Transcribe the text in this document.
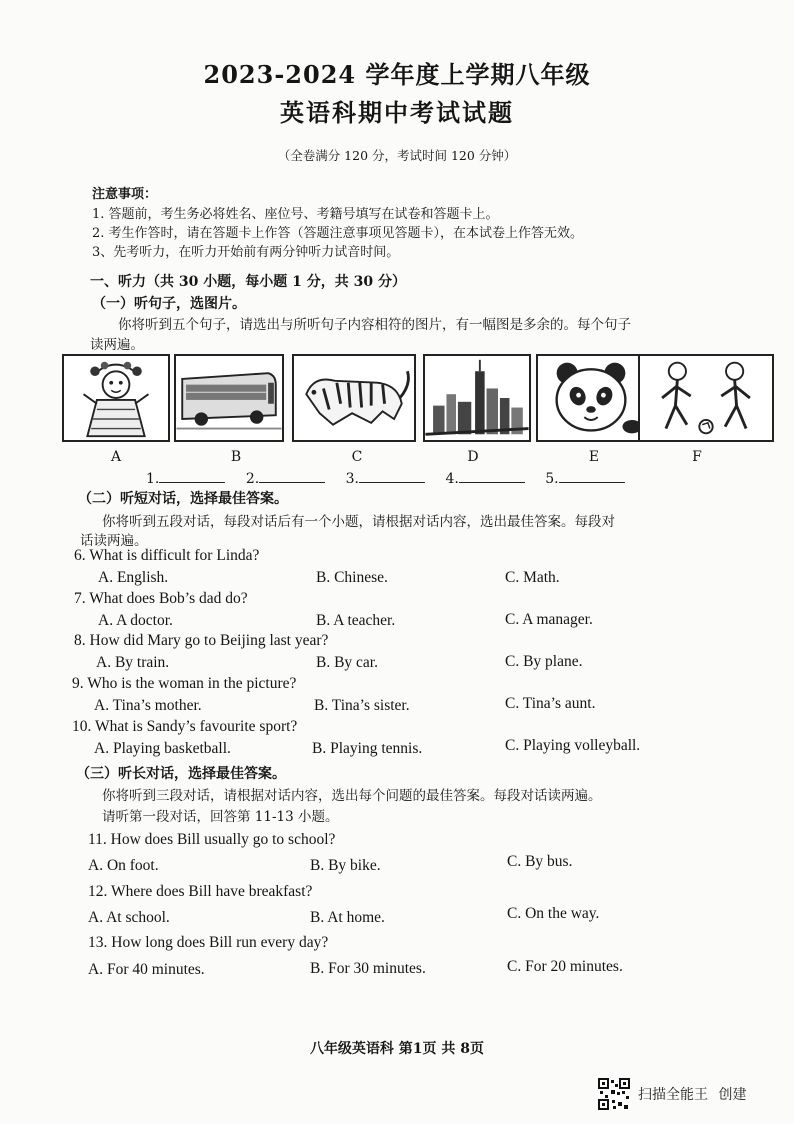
2023-2024 学年度上学期八年级
英语科期中考试试题
（全卷满分 120 分，考试时间 120 分钟）
注意事项：
1. 答题前，考生务必将姓名、座位号、考籍号填写在试卷和答题卡上。
2. 考生作答时，请在答题卡上作答（答题注意事项见答题卡），在本试卷上作答无效。
3、先考听力，在听力开始前有两分钟听力试音时间。
一、听力（共 30 小题，每小题 1 分，共 30 分）
（一）听句子，选图片。
你将听到五个句子，请选出与所听句子内容相符的图片，有一幅图是多余的。每个句子
读两遍。
A	B	C	D	E	F
1.	2.	3.	4.	5.
（二）听短对话，选择最佳答案。
你将听到五段对话，每段对话后有一个小题，请根据对话内容，选出最佳答案。每段对
话读两遍。
6. What is difficult for Linda?
A. English.	B. Chinese.	C. Math.
7. What does Bob’s dad do?
A. A doctor.	B. A teacher.	C. A manager.
8. How did Mary go to Beijing last year?
A. By train.	B. By car.	C. By plane.
9. Who is the woman in the picture?
A. Tina’s mother.	B. Tina’s sister.	C. Tina’s aunt.
10. What is Sandy’s favourite sport?
A. Playing basketball.	B. Playing tennis.	C. Playing volleyball.
（三）听长对话，选择最佳答案。
你将听到三段对话，请根据对话内容，选出每个问题的最佳答案。每段对话读两遍。
请听第一段对话，回答第 11-13 小题。
11. How does Bill usually go to school?
A. On foot.	B. By bike.	C. By bus.
12. Where does Bill have breakfast?
A. At school.	B. At home.	C. On the way.
13. How long does Bill run every day?
A. For 40 minutes.	B. For 30 minutes.	C. For 20 minutes.
八年级英语科 第1页 共 8页
扫描全能王 创建
